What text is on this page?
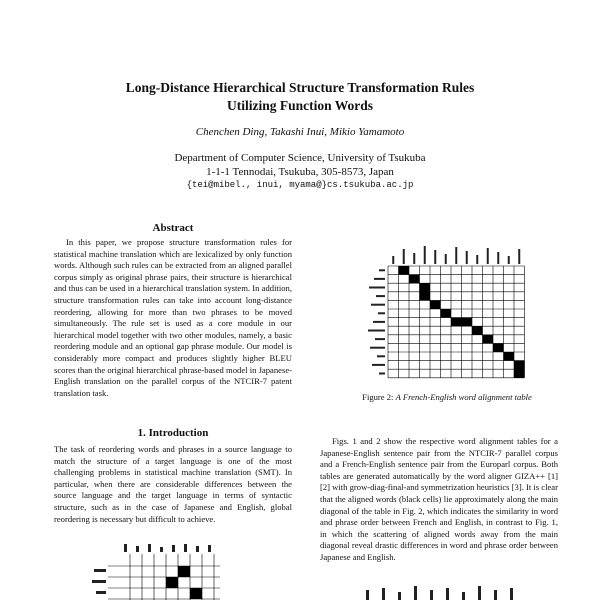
Long-Distance Hierarchical Structure Transformation Rules
Utilizing Function Words
Chenchen Ding, Takashi Inui, Mikio Yamamoto
Department of Computer Science, University of Tsukuba
1-1-1 Tennodai, Tsukuba, 305-8573, Japan
{tei@mibel., inui, myama@}cs.tsukuba.ac.jp
Abstract

In this paper, we propose structure transformation rules for statistical machine translation which are lexicalized by only function words. Although such rules can be extracted from an aligned parallel corpus simply as original phrase pairs, their structure is hierarchical and thus can be used in a hierarchical translation system. In addition, structure transformation rules can take into account long-distance reordering, allowing for more than two phrases to be moved simultaneously. The rule set is used as a core module in our hierarchical model together with two other modules, namely, a basic reordering module and an optional gap phrase module. Our model is considerably more compact and produces slightly higher BLEU scores than the original hierarchical phrase-based model in Japanese-English translation on the parallel corpus of the NTCIR-7 patent translation task.

1. Introduction

The task of reordering words and phrases in a source language to match the structure of a target language is one of the most challenging problems in statistical machine translation (SMT). In particular, when there are considerable differences between the source language and the target language in terms of syntactic structure, such as in the case of Japanese and English, global reordering is necessary but difficult to achieve.

Figure 2: A French-English word alignment table

Figs. 1 and 2 show the respective word alignment tables for a Japanese-English sentence pair from the NTCIR-7 parallel corpus and a French-English sentence pair from the Europarl corpus. Both tables are generated automatically by the word aligner GIZA++ [1][2] with grow-diag-final-and symmetrization heuristics [3]. It is clear that the aligned words (black cells) lie approximately along the main diagonal of the table in Fig. 2, which indicates the similarity in word and phrase order between French and English, in contrast to Fig. 1, in which the scattering of aligned words away from the main diagonal reveal drastic differences in word and phrase order between Japanese and English.
